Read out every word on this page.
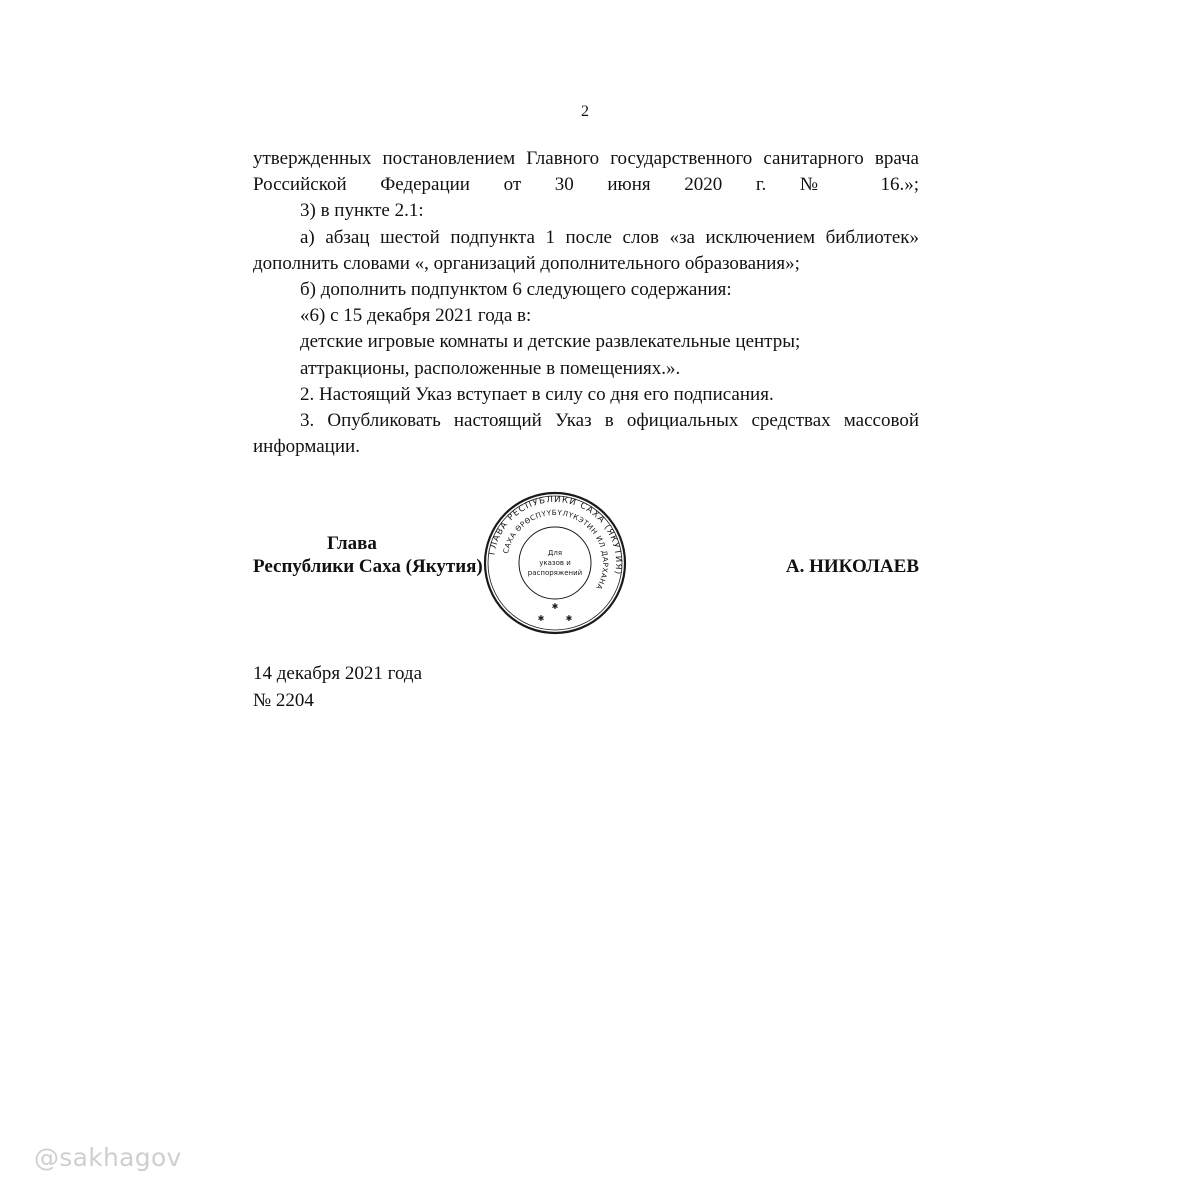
2

утвержденных постановлением Главного государственного санитарного врача Российской Федерации от 30 июня 2020 г. № 16.»;

3) в пункте 2.1:

а) абзац шестой подпункта 1 после слов «за исключением библиотек» дополнить словами «, организаций дополнительного образования»;

б) дополнить подпунктом 6 следующего содержания:

«6) с 15 декабря 2021 года в:

детские игровые комнаты и детские развлекательные центры;

аттракционы, расположенные в помещениях.».

2. Настоящий Указ вступает в силу со дня его подписания.

3. Опубликовать настоящий Указ в официальных средствах массовой информации.

Глава
Республики Саха (Якутия)	А. НИКОЛАЕВ
ГЛАВА РЕСПУБЛИКИ САХА (ЯКУТИЯ)
САХА ӨРӨСПҮҮБҮЛҮКЭТИН ИЛ ДАРХАНА
Для
указов и
распоряжений
✱
✱
✱
14 декабря 2021 года
№ 2204
@sakhagov
